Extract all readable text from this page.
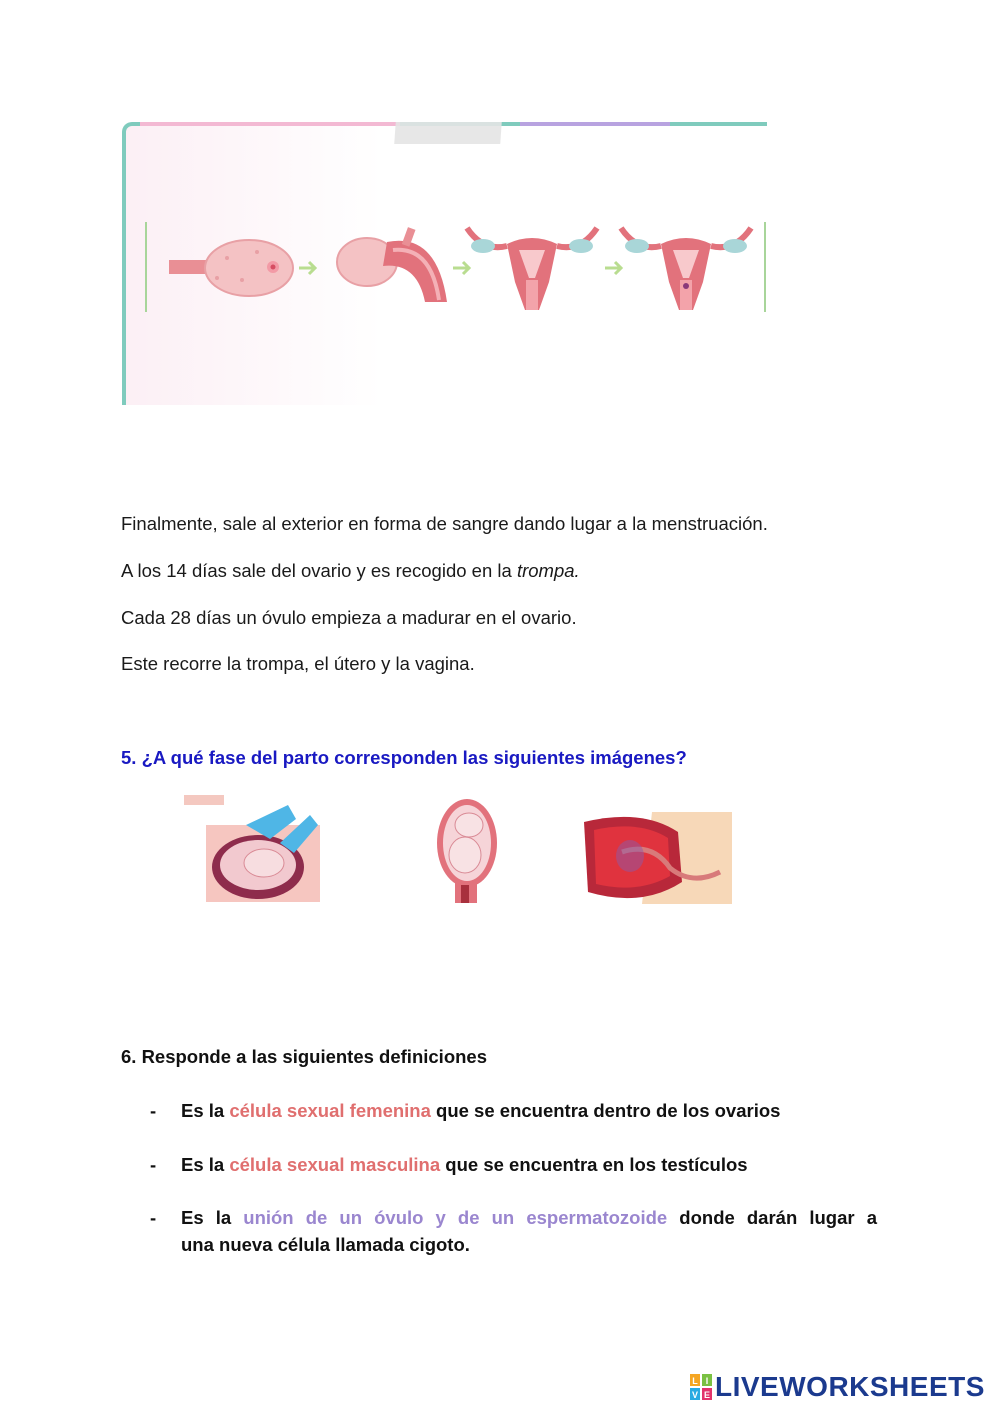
Finalmente, sale al exterior en forma de sangre dando lugar a la menstruación.
A los 14 días sale del ovario y es recogido en la trompa.
Cada 28 días un óvulo empieza a madurar en el ovario.
Este recorre la trompa, el útero y la vagina.
5. ¿A qué fase del parto corresponden las siguientes imágenes?
6. Responde a las siguientes definiciones
- Es la célula sexual femenina que se encuentra dentro de los ovarios
- Es la célula sexual masculina que se encuentra en los testículos
- Es la unión de un óvulo y de un espermatozoide donde darán lugar a
una nueva célula llamada cigoto.
L I
V E LIVEWORKSHEETS
